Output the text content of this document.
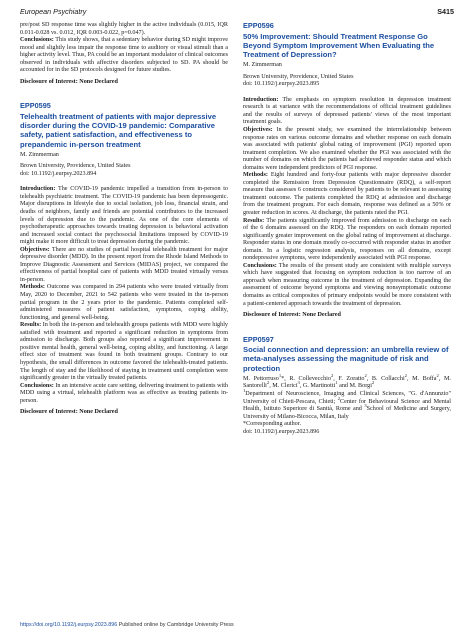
European Psychiatry	S415

pre/post SD response time was slightly higher in the active individuals (0.015, IQR 0.011-0.028 vs. 0.012, IQR 0.003-0.022, p=0.047).

Conclusions: This study shows, that a sedentary behavior during SD might improve mood and slightly less impair the response time to auditory or visual stimuli than a higher activity level. Thus, PA could be an important modulator of clinical outcomes observed in individuals with affective disorders subjected to SD. PA should be accounted for in the SD protocols designed for future studies.

Disclosure of Interest: None Declared

EPP0595

Telehealth treatment of patients with major depressive disorder during the COVID-19 pandemic: Comparative safety, patient satisfaction, and effectiveness to prepandemic in-person treatment

M. Zimmerman

Brown University, Providence, United States

doi: 10.1192/j.eurpsy.2023.894

Introduction: The COVID-19 pandemic impelled a transition from in-person to telehealth psychiatric treatment. The COVID-19 pandemic has been depressogenic. Major disruptions in lifestyle due to social isolation, job loss, financial strain, and deaths of neighbors, family and friends are potential contributors to the increased levels of depression due to the pandemic. As one of the core elements of psychotherapeutic approaches towards treating depression is behavioral activation and increased social contact the psychosocial limitations imposed by COVID-19 might make it more difficult to treat depression during the pandemic.

Objectives: There are no studies of partial hospital telehealth treatment for major depressive disorder (MDD). In the present report from the Rhode Island Methods to Improve Diagnostic Assessment and Services (MIDAS) project, we compared the effectiveness of partial hospital care of patients with MDD treated virtually versus in-person.

Methods: Outcome was compared in 294 patients who were treated virtually from May, 2020 to December, 2021 to 542 patients who were treated in the in-person partial program in the 2 years prior to the pandemic. Patients completed self-administered measures of patient satisfaction, symptoms, coping ability, functioning, and general well-being.

Results: In both the in-person and telehealth groups patients with MDD were highly satisfied with treatment and reported a significant reduction in symptoms from admission to discharge. Both groups also reported a significant improvement in positive mental health, general well-being, coping ability, and functioning. A large effect size of treatment was found in both treatment groups. Contrary to our hypothesis, the small differences in outcome favored the telehealth-treated patients. The length of stay and the likelihood of staying in treatment until completion were significantly greater in the virtually treated patients.

Conclusions: In an intensive acute care setting, delivering treatment to patients with MDD using a virtual, telehealth platform was as effective as treating patients in-person.

Disclosure of Interest: None Declared

EPP0596

50% Improvement: Should Treatment Response Go Beyond Symptom Improvement When Evaluating the Treatment of Depression?

M. Zimmerman

Brown University, Providence, United States

doi: 10.1192/j.eurpsy.2023.895

Introduction: The emphasis on symptom resolution in depression treatment research is at variance with the recommendations of official treatment guidelines and the results of surveys of depressed patients' views of the most important treatment goals.

Objectives: In the present study, we examined the interrelationship between response rates on various outcome domains and whether response on each domain was associated with patients' global rating of improvement (PGI) reported upon treatment completion. We also examined whether the PGI was associated with the number of domains on which the patients had achieved responder status and which domains were independent predictors of PGI response.

Methods: Eight hundred and forty-four patients with major depressive disorder completed the Remission from Depression Questionnaire (RDQ), a self-report measure that assesses 6 constructs considered by patients to be relevant to assessing treatment outcome. The patients completed the RDQ at admission and discharge from the treatment program. For each domain, response was defined as a 50% or greater reduction in scores. At discharge, the patients rated the PGI.

Results: The patients significantly improved from admission to discharge on each of the 6 domains assessed on the RDQ. The responders on each domain reported significantly greater improvement on the global rating of improvement at discharge. Responder status in one domain mostly co-occurred with responder status in another domain. In a logistic regression analysis, responses on all domains, except nondepressive symptoms, were independently associated with PGI response.

Conclusions: The results of the present study are consistent with multiple surveys which have suggested that focusing on symptom reduction is too narrow of an approach when measuring outcome in the treatment of depression. Expanding the assessment of outcome beyond symptoms and viewing nonsymptomatic outcome domains as critical composites of primary endpoints would be more consistent with a patient-centered approach towards the treatment of depression.

Disclosure of Interest: None Declared

EPP0597

Social connection and depression: an umbrella review of meta-analyses assessing the magnitude of risk and protection

M. Pettorruso$^1$*, R. Collevecchio$^2$, F. Zoratto$^2$, B. Collacchi$^2$, M. Boffa$^2$, M. Santorelli$^2$, M. Clerici$^3$, G. Martinotti$^1$ and M. Borgi$^2$

$^1$Department of Neuroscience, Imaging and Clinical Sciences, "G. d'Annunzio" University of Chieti-Pescara, Chieti; $^2$Center for Behavioural Science and Mental Health, Istituto Superiore di Sanità, Rome and $^3$School of Medicine and Surgery, University of Milano-Bicocca, Milan, Italy

*Corresponding author.

doi: 10.1192/j.eurpsy.2023.896

https://doi.org/10.1192/j.eurpsy.2023.896 Published online by Cambridge University Press
